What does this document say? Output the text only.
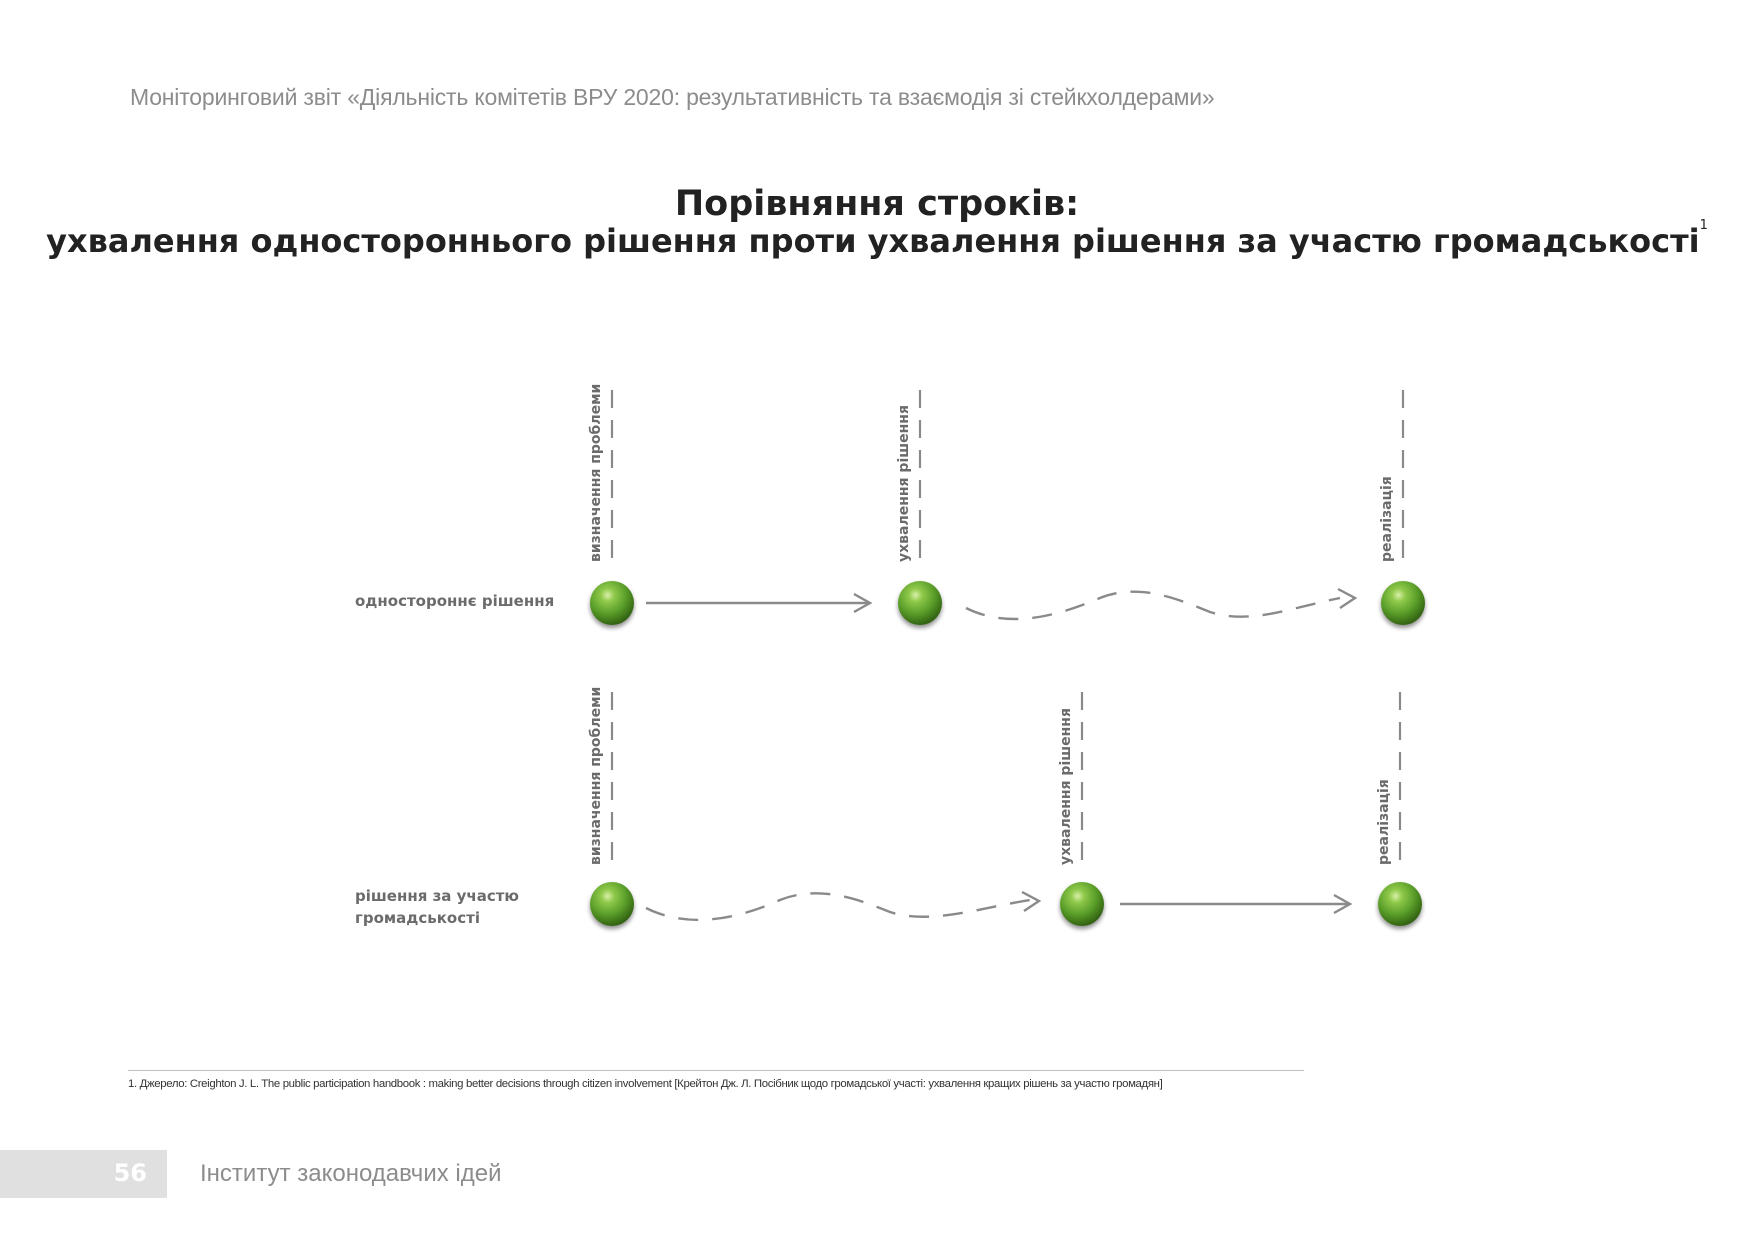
Моніторинговий звіт «Діяльність комітетів ВРУ 2020: результативність та взаємодія зі стейкхолдерами»
Порівняння строків:
ухвалення одностороннього рішення проти ухвалення рішення за участю громадськості$^1$
одностороннє рішення
визначення проблеми	ухвалення рішення	реалізація
рішення за участю
громадськості
визначення проблеми	ухвалення рішення	реалізація
1. Джерело: Creighton J. L. The public participation handbook : making better decisions through citizen involvement [Крейтон Дж. Л. Посібник щодо громадської участі: ухвалення кращих рішень за участю громадян]
56 Інститут законодавчих ідей
